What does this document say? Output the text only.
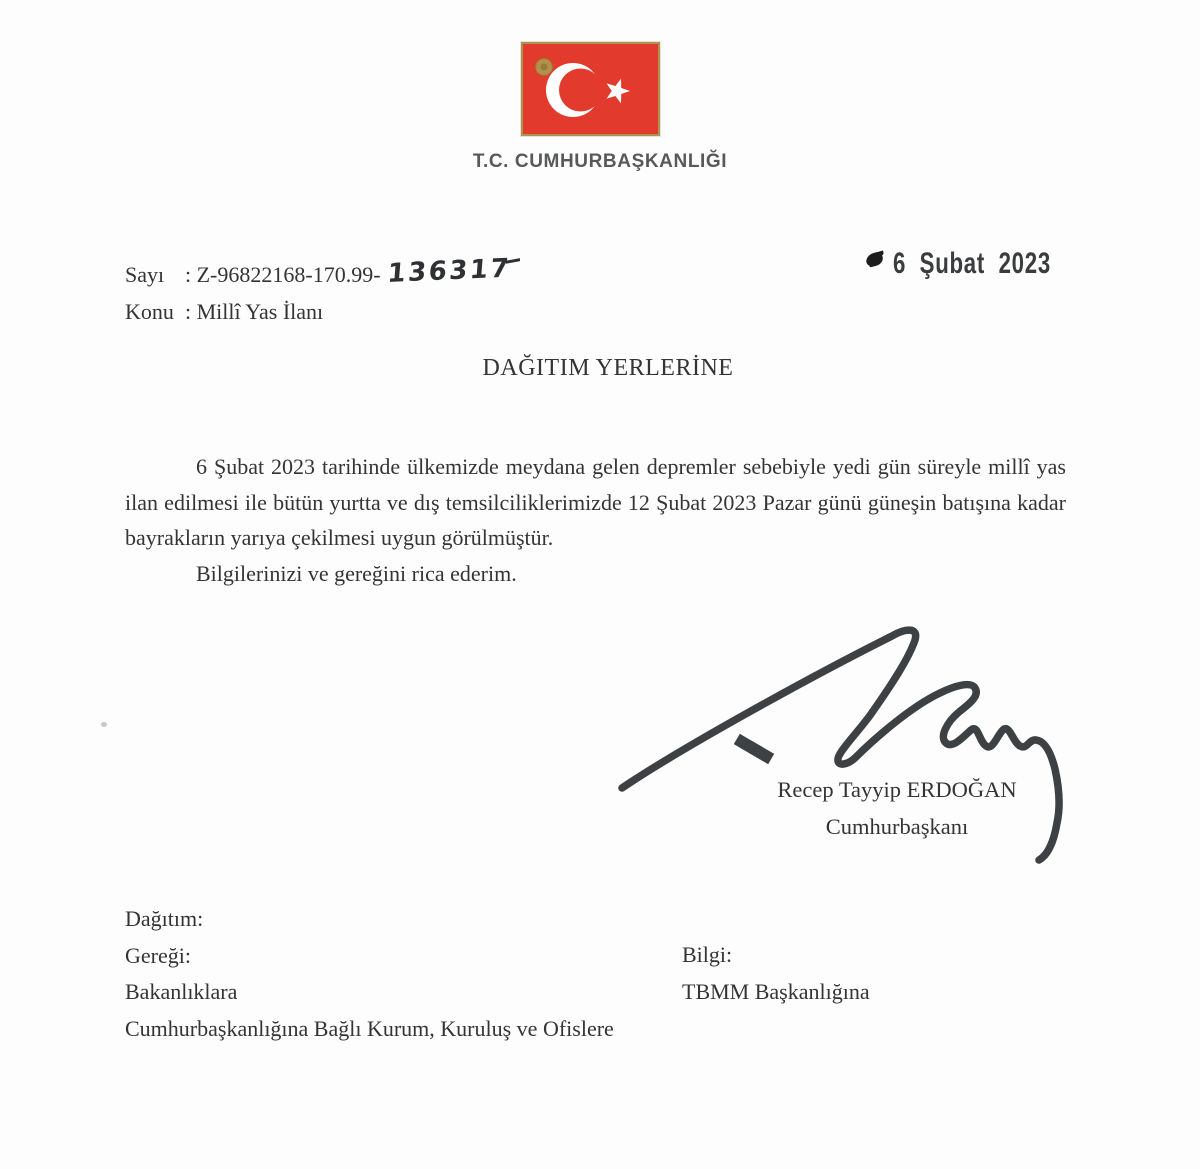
T.C. CUMHURBAŞKANLIĞI
Sayı : Z-96822168-170.99- 136317
Konu : Millî Yas İlanı
6 Şubat 2023
DAĞITIM YERLERİNE

6 Şubat 2023 tarihinde ülkemizde meydana gelen depremler sebebiyle yedi gün süreyle millî yas ilan edilmesi ile bütün yurtta ve dış temsilciliklerimizde 12 Şubat 2023 Pazar günü güneşin batışına kadar bayrakların yarıya çekilmesi uygun görülmüştür.

Bilgilerinizi ve gereğini rica ederim.

Recep Tayyip ERDOĞAN
Cumhurbaşkanı
Dağıtım:
Gereği:
Bakanlıklara
Cumhurbaşkanlığına Bağlı Kurum, Kuruluş ve Ofislere
Bilgi:
TBMM Başkanlığına
